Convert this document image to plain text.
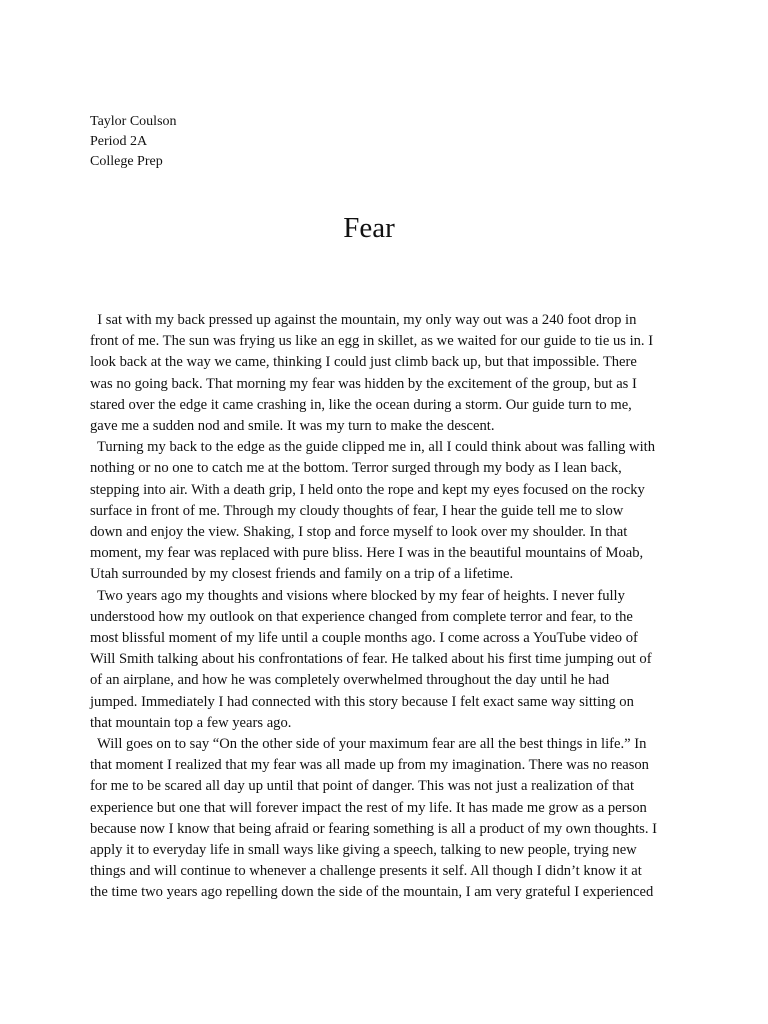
Taylor Coulson
Period 2A
College Prep
Fear
I sat with my back pressed up against the mountain, my only way out was a 240 foot drop in
front of me. The sun was frying us like an egg in skillet, as we waited for our guide to tie us in. I
look back at the way we came, thinking I could just climb back up, but that impossible. There
was no going back. That morning my fear was hidden by the excitement of the group, but as I
stared over the edge it came crashing in, like the ocean during a storm. Our guide turn to me,
gave me a sudden nod and smile. It was my turn to make the descent.
Turning my back to the edge as the guide clipped me in, all I could think about was falling with
nothing or no one to catch me at the bottom. Terror surged through my body as I lean back,
stepping into air. With a death grip, I held onto the rope and kept my eyes focused on the rocky
surface in front of me. Through my cloudy thoughts of fear, I hear the guide tell me to slow
down and enjoy the view. Shaking, I stop and force myself to look over my shoulder. In that
moment, my fear was replaced with pure bliss. Here I was in the beautiful mountains of Moab,
Utah surrounded by my closest friends and family on a trip of a lifetime.
Two years ago my thoughts and visions where blocked by my fear of heights. I never fully
understood how my outlook on that experience changed from complete terror and fear, to the
most blissful moment of my life until a couple months ago. I come across a YouTube video of
Will Smith talking about his confrontations of fear. He talked about his first time jumping out of
of an airplane, and how he was completely overwhelmed throughout the day until he had
jumped. Immediately I had connected with this story because I felt exact same way sitting on
that mountain top a few years ago.
Will goes on to say “On the other side of your maximum fear are all the best things in life.” In
that moment I realized that my fear was all made up from my imagination. There was no reason
for me to be scared all day up until that point of danger. This was not just a realization of that
experience but one that will forever impact the rest of my life. It has made me grow as a person
because now I know that being afraid or fearing something is all a product of my own thoughts. I
apply it to everyday life in small ways like giving a speech, talking to new people, trying new
things and will continue to whenever a challenge presents it self. All though I didn’t know it at
the time two years ago repelling down the side of the mountain, I am very grateful I experienced
